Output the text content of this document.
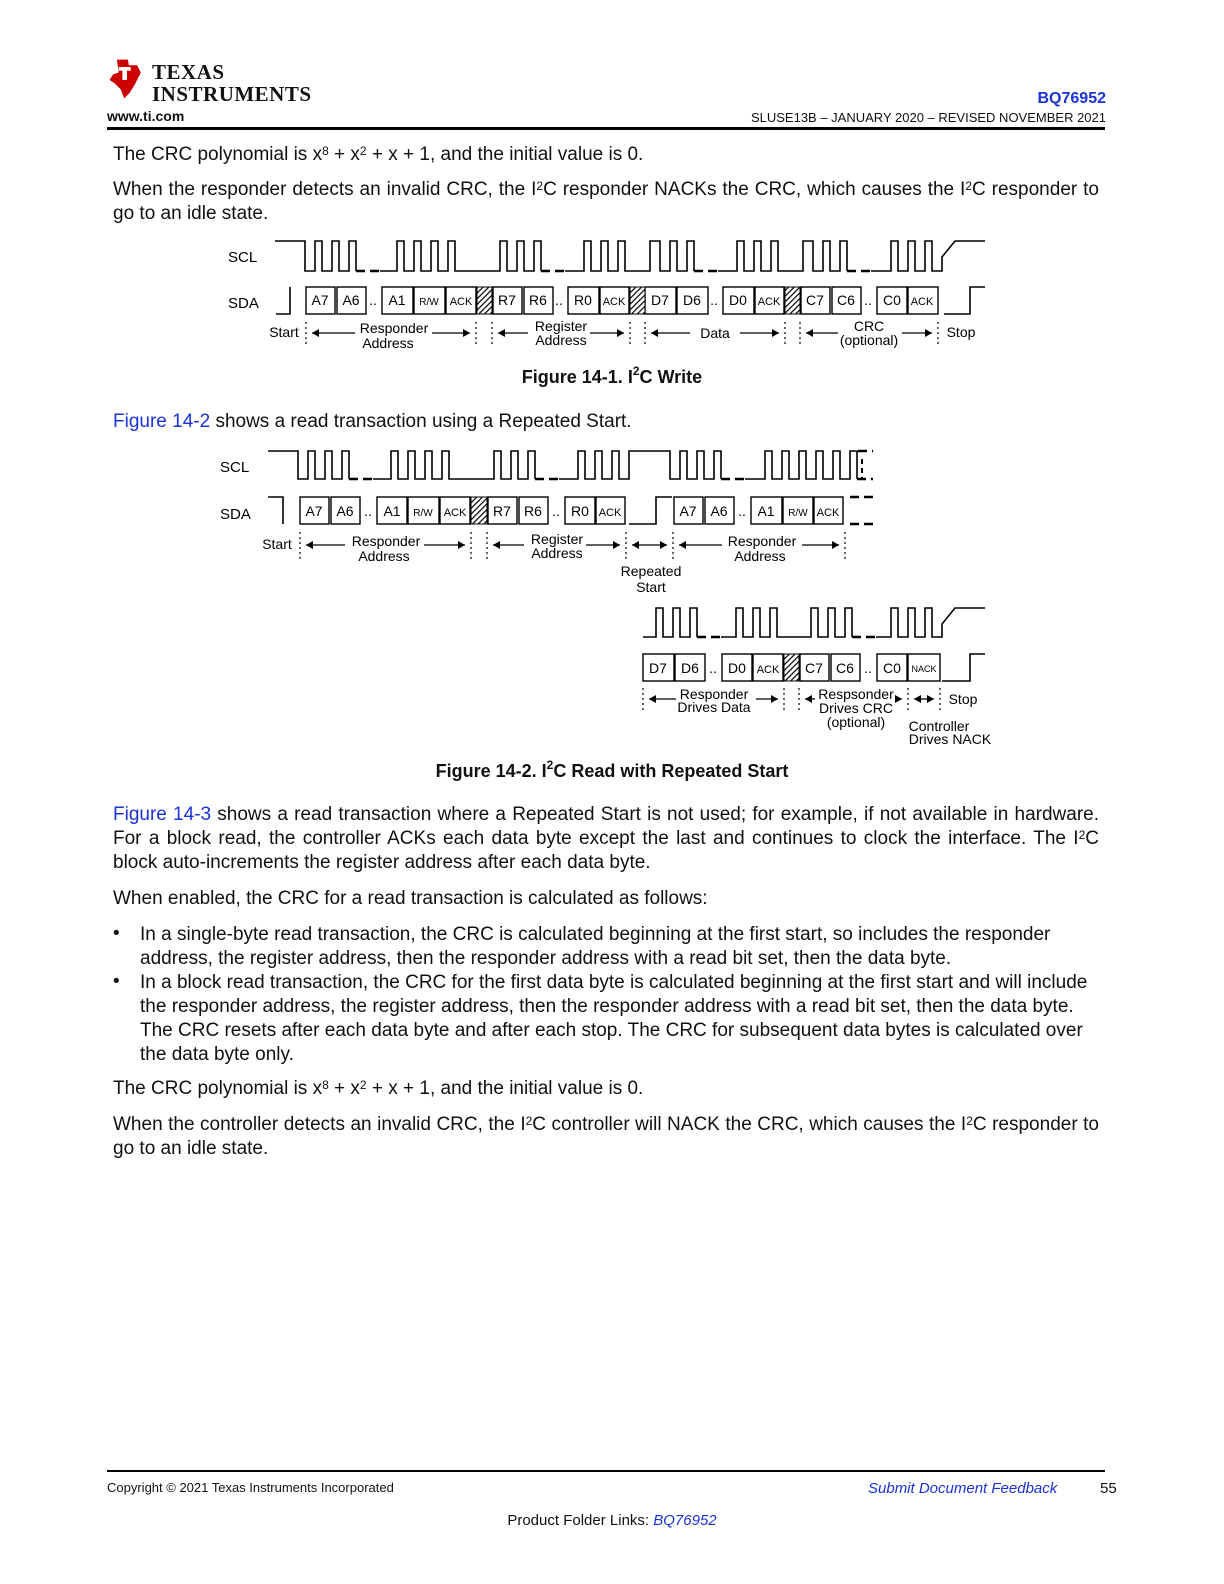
TEXAS
INSTRUMENTS
www.ti.com
BQ76952
SLUSE13B – JANUARY 2020 – REVISED NOVEMBER 2021
The CRC polynomial is $x^8 + x^2 + x + 1$, and the initial value is 0.
When the responder detects an invalid CRC, the $I^2C$ responder NACKs the CRC, which causes the $I^2C$ responder to go to an idle state.
SCL
SDA	A7 A6 .. A1 R/W ACK R7 R6 .. R0 ACK D7 D6 .. D0 ACK C7 C6 .. C0 ACK
Start	Responder
Address
Register
Address	Data	CRC
(optional)	Stop
Figure 14-1. $I^2C$ Write
Figure 14-2 shows a read transaction using a Repeated Start.
SCL
SDA	A7 A6 .. A1 R/W ACK R7 R6 .. R0 ACK	A7 A6 .. A1 R/W ACK
Start	Responder
Address
Register
Address
Responder
Address
Repeated
Start
D7 D6 .. D0 ACK C7 C6 .. C0 NACK
Responder
Drives Data
Respsonder
Drives CRC
(optional)
Stop
Controller
Drives NACK
Figure 14-2. $I^2C$ Read with Repeated Start
Figure 14-3 shows a read transaction where a Repeated Start is not used; for example, if not available in hardware. For a block read, the controller ACKs each data byte except the last and continues to clock the interface. The $I^2C$ block auto-increments the register address after each data byte.
When enabled, the CRC for a read transaction is calculated as follows:
• In a single-byte read transaction, the CRC is calculated beginning at the first start, so includes the responder address, the register address, then the responder address with a read bit set, then the data byte.
• In a block read transaction, the CRC for the first data byte is calculated beginning at the first start and will include the responder address, the register address, then the responder address with a read bit set, then the data byte. The CRC resets after each data byte and after each stop. The CRC for subsequent data bytes is calculated over the data byte only.
The CRC polynomial is $x^8 + x^2 + x + 1$, and the initial value is 0.
When the controller detects an invalid CRC, the $I^2C$ controller will NACK the CRC, which causes the $I^2C$ responder to go to an idle state.
Copyright © 2021 Texas Instruments Incorporated	Submit Document Feedback	55
Product Folder Links: BQ76952
